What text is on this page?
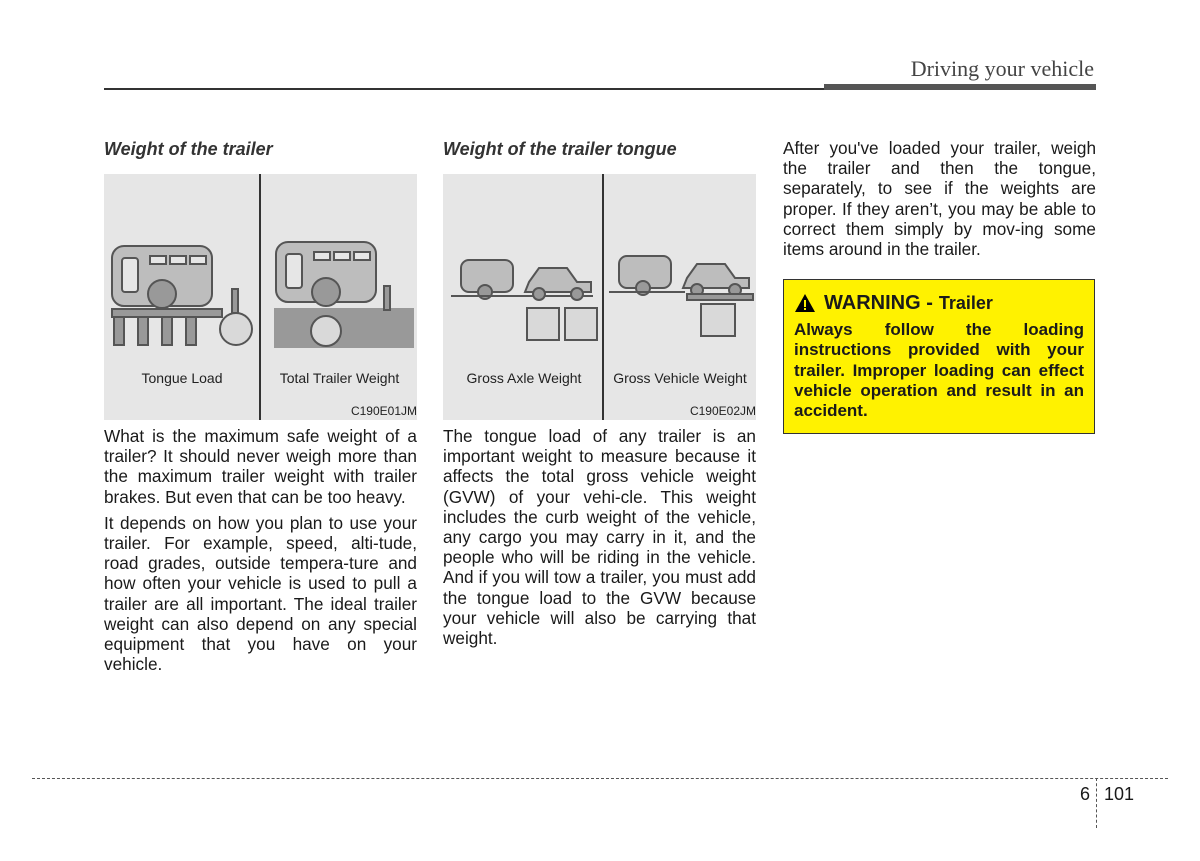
Driving your vehicle
Weight of the trailer
Tongue Load	Total Trailer Weight
C190E01JM

What is the maximum safe weight of a trailer? It should never weigh more than the maximum trailer weight with trailer brakes. But even that can be too heavy.

It depends on how you plan to use your trailer. For example, speed, alti-tude, road grades, outside tempera-ture and how often your vehicle is used to pull a trailer are all important. The ideal trailer weight can also depend on any special equipment that you have on your vehicle.

Weight of the trailer tongue
Gross Axle Weight	Gross Vehicle Weight
C190E02JM

The tongue load of any trailer is an important weight to measure because it affects the total gross vehicle weight (GVW) of your vehi-cle. This weight includes the curb weight of the vehicle, any cargo you may carry in it, and the people who will be riding in the vehicle. And if you will tow a trailer, you must add the tongue load to the GVW because your vehicle will also be carrying that weight.

After you've loaded your trailer, weigh the trailer and then the tongue, separately, to see if the weights are proper. If they aren’t, you may be able to correct them simply by mov-ing some items around in the trailer.

WARNING - Trailer
Always follow the loading instructions provided with your trailer. Improper loading can effect vehicle operation and result in an accident.
6 101
